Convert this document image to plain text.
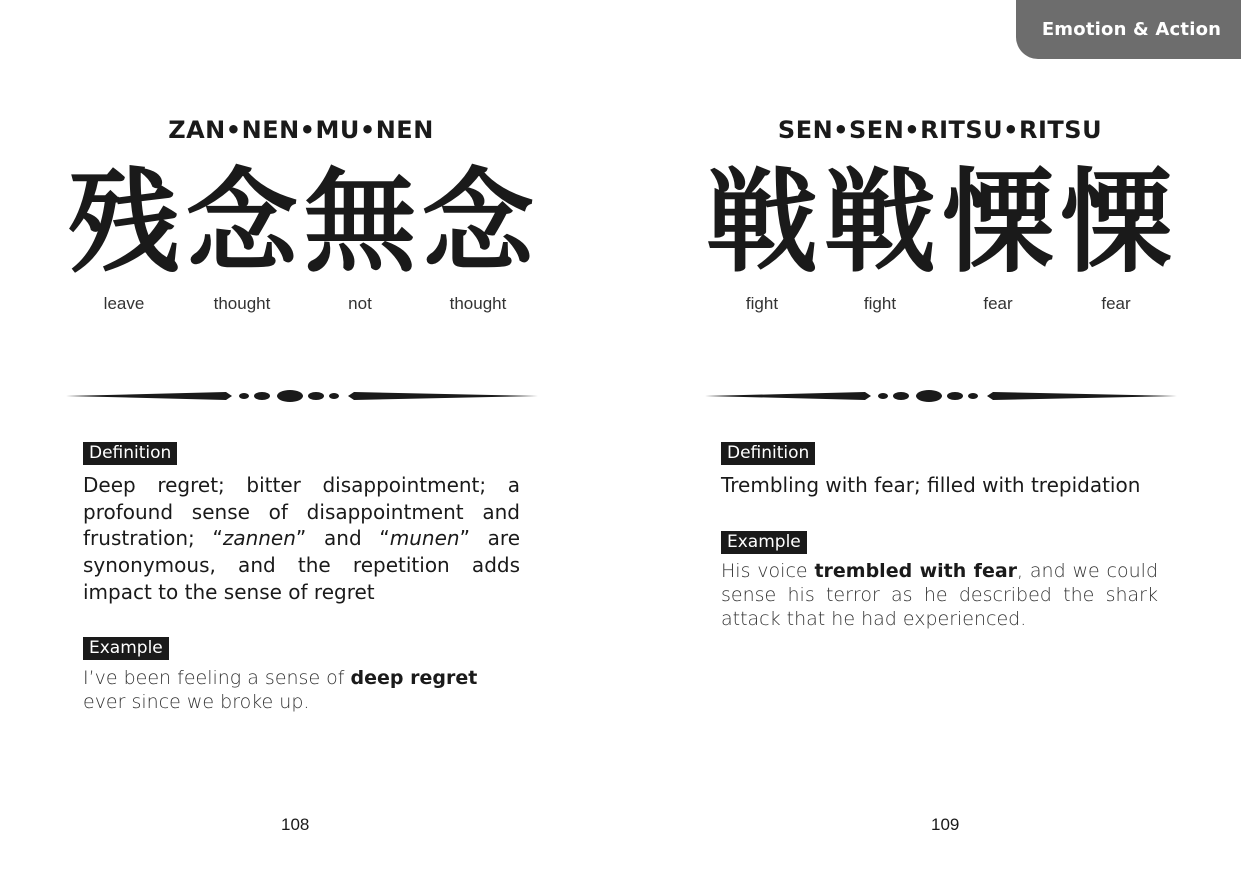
Emotion & Action
ZAN•NEN•MU•NEN
残 念 無 念
leave	thought	not	thought
Definition
Deep regret; bitter disappointment; a profound sense of disappointment and frustration; “zannen” and “munen” are synonymous, and the repetition adds impact to the sense of regret
Example
I’ve been feeling a sense of deep regret ever since we broke up.
108
SEN•SEN•RITSU•RITSU
戦 戦 慄 慄
fight	fight	fear	fear
Definition
Trembling with fear; filled with trepidation
Example
His voice trembled with fear, and we could sense his terror as he described the shark attack that he had experienced.
109
